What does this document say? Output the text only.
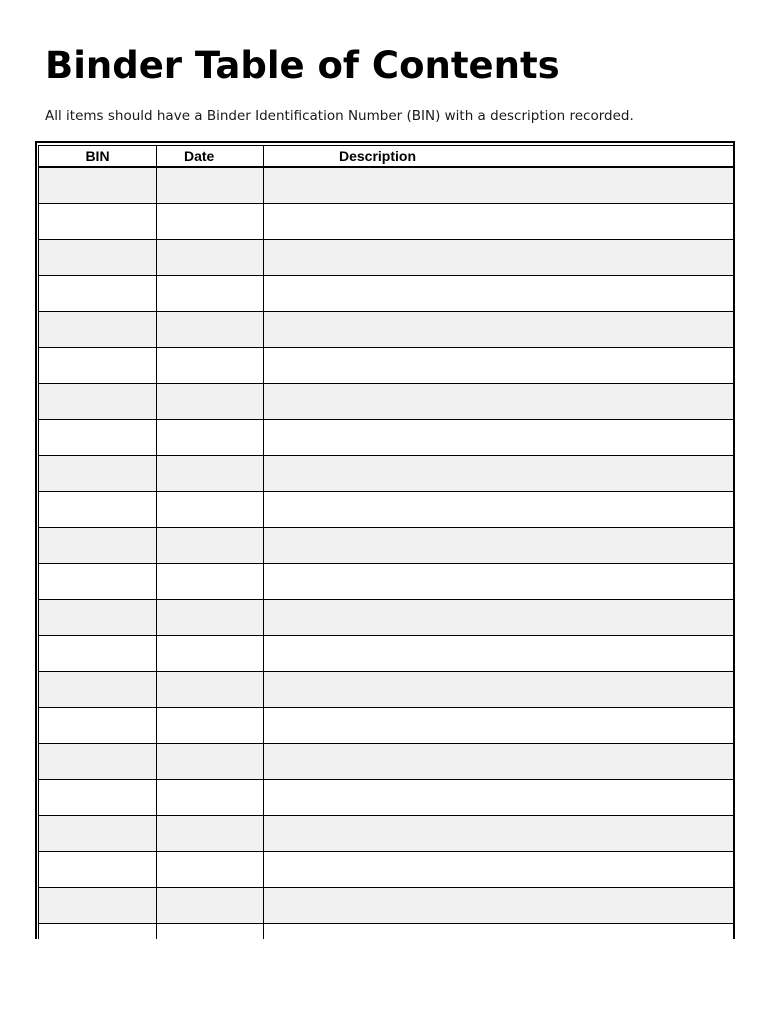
Binder Table of Contents

All items should have a Binder Identification Number (BIN) with a description recorded.

BIN	Date	Description
